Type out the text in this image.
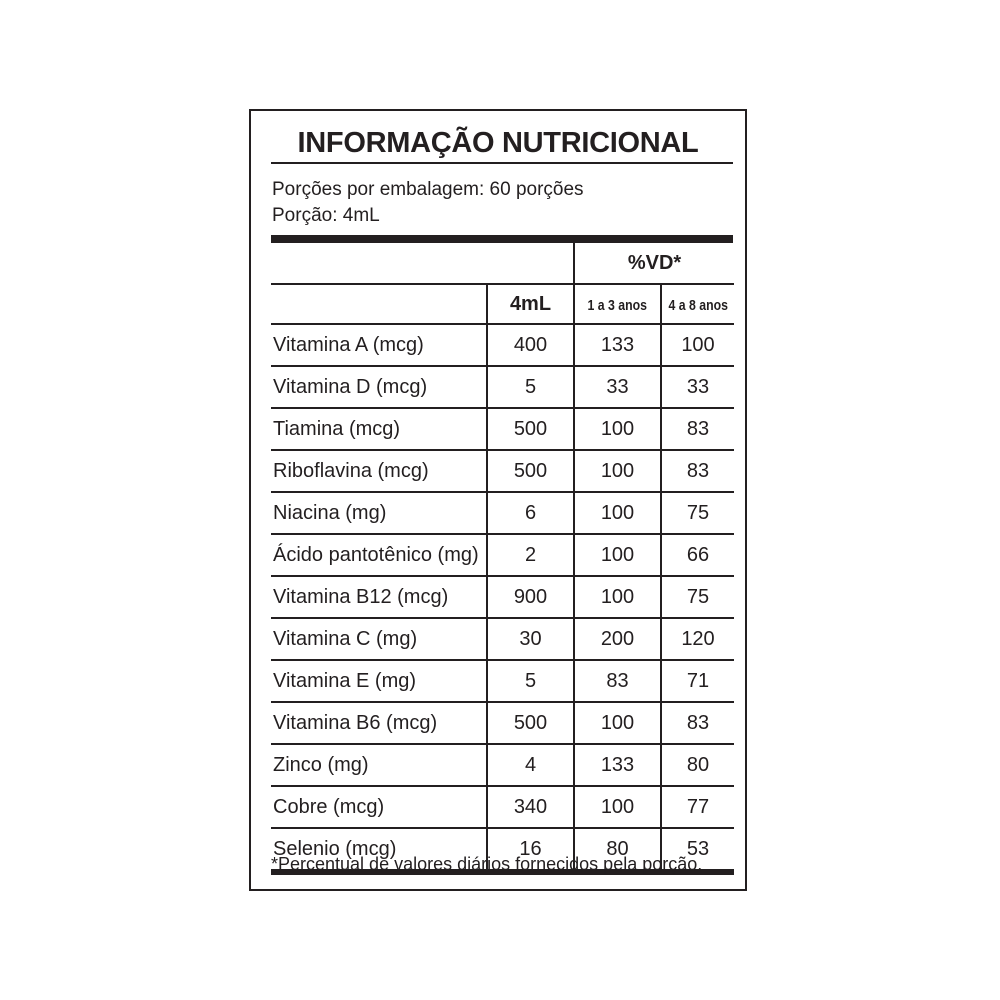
INFORMAÇÃO NUTRICIONAL
Porções por embalagem: 60 porções
Porção: 4mL
		%VD*	
	4mL	1 a 3 anos	4 a 8 anos
Vitamina A (mcg)	400	133	100
Vitamina D (mcg)	5	33	33
Tiamina (mcg)	500	100	83
Riboflavina (mcg)	500	100	83
Niacina (mg)	6	100	75
Ácido pantotênico (mg)	2	100	66
Vitamina B12 (mcg)	900	100	75
Vitamina C (mg)	30	200	120
Vitamina E (mg)	5	83	71
Vitamina B6 (mcg)	500	100	83
Zinco (mg)	4	133	80
Cobre (mcg)	340	100	77
Selenio (mcg)	16	80	53
*Percentual de valores diários fornecidos pela porção.
